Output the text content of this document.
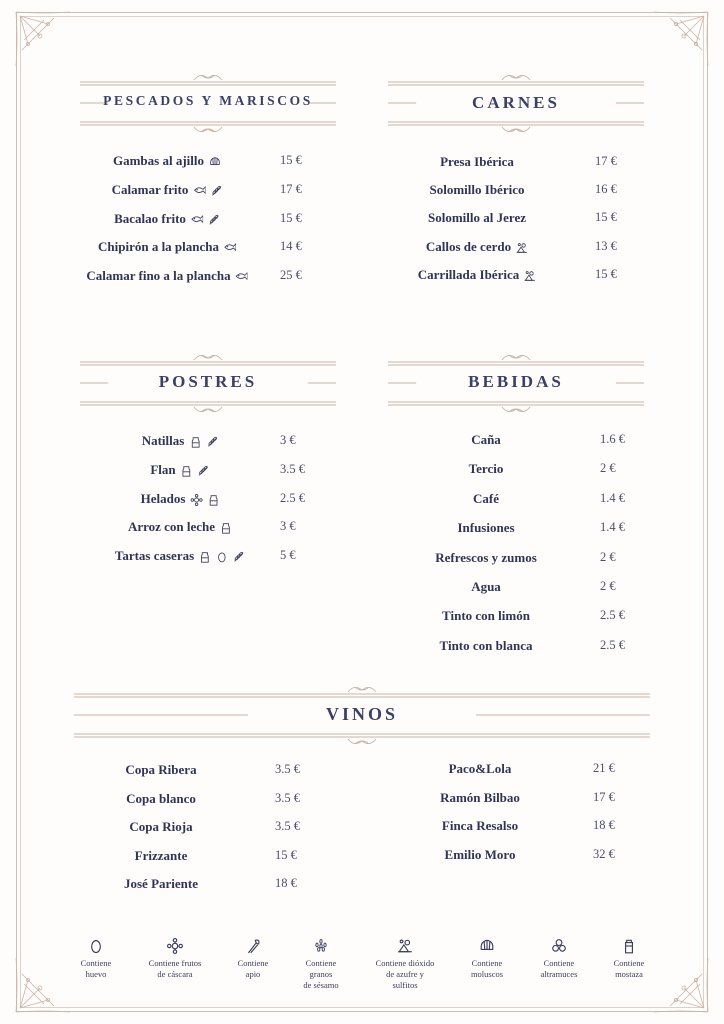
PESCADOS Y MARISCOS	CARNES
POSTRES	BEBIDAS
VINOS
Gambas al ajillo	15 €
Calamar frito	17 €
Bacalao frito	15 €
Chipirón a la plancha	14 €
Calamar fino a la plancha	25 €
Presa Ibérica	17 €
Solomillo Ibérico	16 €
Solomillo al Jerez	15 €
Callos de cerdo	13 €
Carrillada Ibérica	15 €
Natillas	3 €
Flan	3.5 €
Helados	2.5 €
Arroz con leche	3 €
Tartas caseras	5 €
Caña	1.6 €
Tercio	2 €
Café	1.4 €
Infusiones	1.4 €
Refrescos y zumos	2 €
Agua	2 €
Tinto con limón	2.5 €
Tinto con blanca	2.5 €
Copa Ribera	3.5 €
Copa blanco	3.5 €
Copa Rioja	3.5 €
Frizzante	15 €
José Pariente	18 €
Paco&Lola	21 €
Ramón Bilbao	17 €
Finca Resalso	18 €
Emilio Moro	32 €
Contiene
huevo
Contiene frutos
de cáscara
Contiene
apio
Contiene
granos
de sésamo
Contiene dióxido
de azufre y
sulfitos
Contiene
moluscos
Contiene
altramuces
Contiene
mostaza
